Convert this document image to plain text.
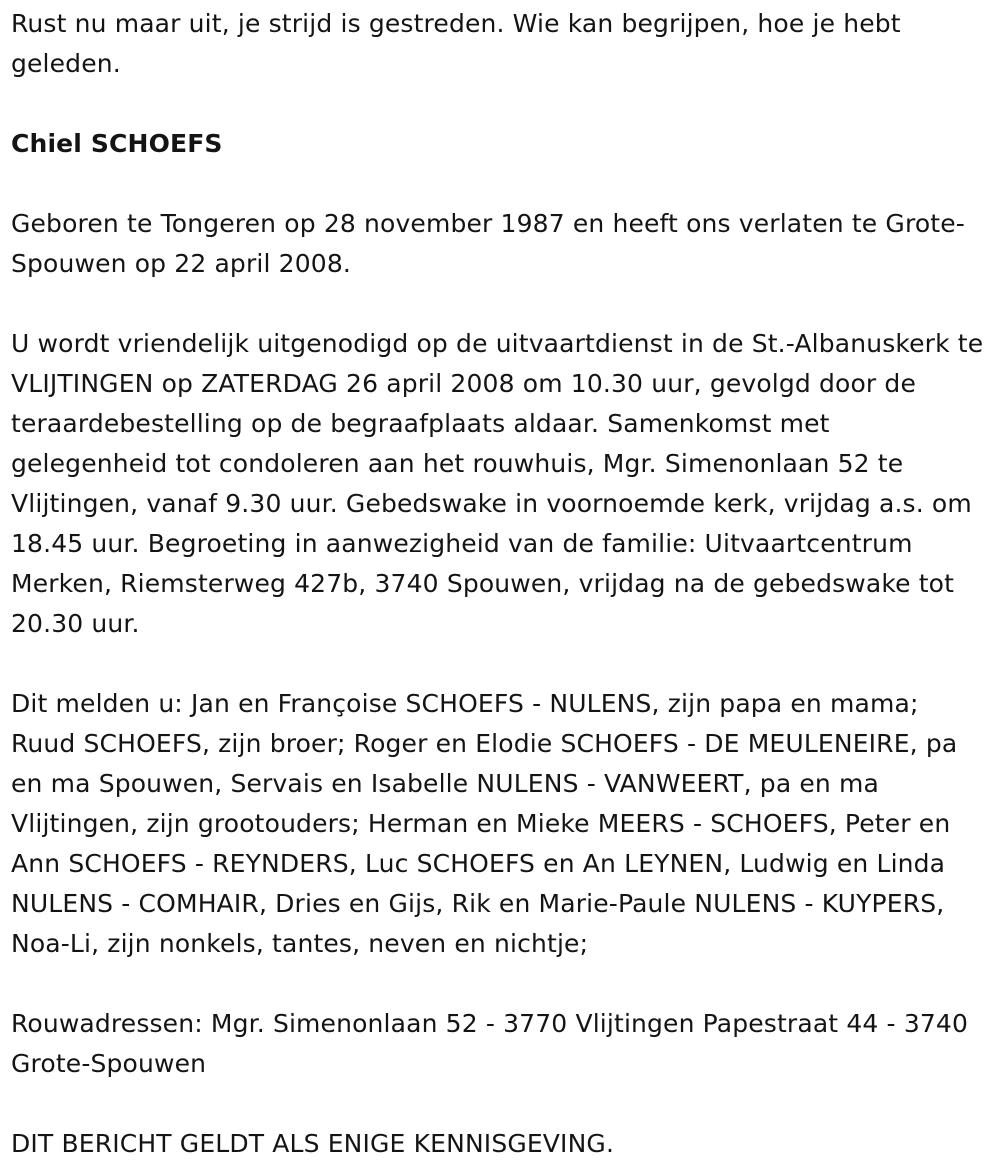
Rust nu maar uit, je strijd is gestreden. Wie kan begrijpen, hoe je hebt geleden.

Chiel SCHOEFS

Geboren te Tongeren op 28 november 1987 en heeft ons verlaten te Grote-Spouwen op 22 april 2008.

U wordt vriendelijk uitgenodigd op de uitvaartdienst in de St.-Albanuskerk te VLIJTINGEN op ZATERDAG 26 april 2008 om 10.30 uur, gevolgd door de teraardebestelling op de begraafplaats aldaar. Samenkomst met gelegenheid tot condoleren aan het rouwhuis, Mgr. Simenonlaan 52 te Vlijtingen, vanaf 9.30 uur. Gebedswake in voornoemde kerk, vrijdag a.s. om 18.45 uur. Begroeting in aanwezigheid van de familie: Uitvaartcentrum Merken, Riemsterweg 427b, 3740 Spouwen, vrijdag na de gebedswake tot 20.30 uur.

Dit melden u: Jan en Françoise SCHOEFS - NULENS, zijn papa en mama; Ruud SCHOEFS, zijn broer; Roger en Elodie SCHOEFS - DE MEULENEIRE, pa en ma Spouwen, Servais en Isabelle NULENS - VANWEERT, pa en ma Vlijtingen, zijn grootouders; Herman en Mieke MEERS - SCHOEFS, Peter en Ann SCHOEFS - REYNDERS, Luc SCHOEFS en An LEYNEN, Ludwig en Linda NULENS - COMHAIR, Dries en Gijs, Rik en Marie-Paule NULENS - KUYPERS, Noa-Li, zijn nonkels, tantes, neven en nichtje;

Rouwadressen: Mgr. Simenonlaan 52 - 3770 Vlijtingen Papestraat 44 - 3740 Grote-Spouwen

DIT BERICHT GELDT ALS ENIGE KENNISGEVING.
